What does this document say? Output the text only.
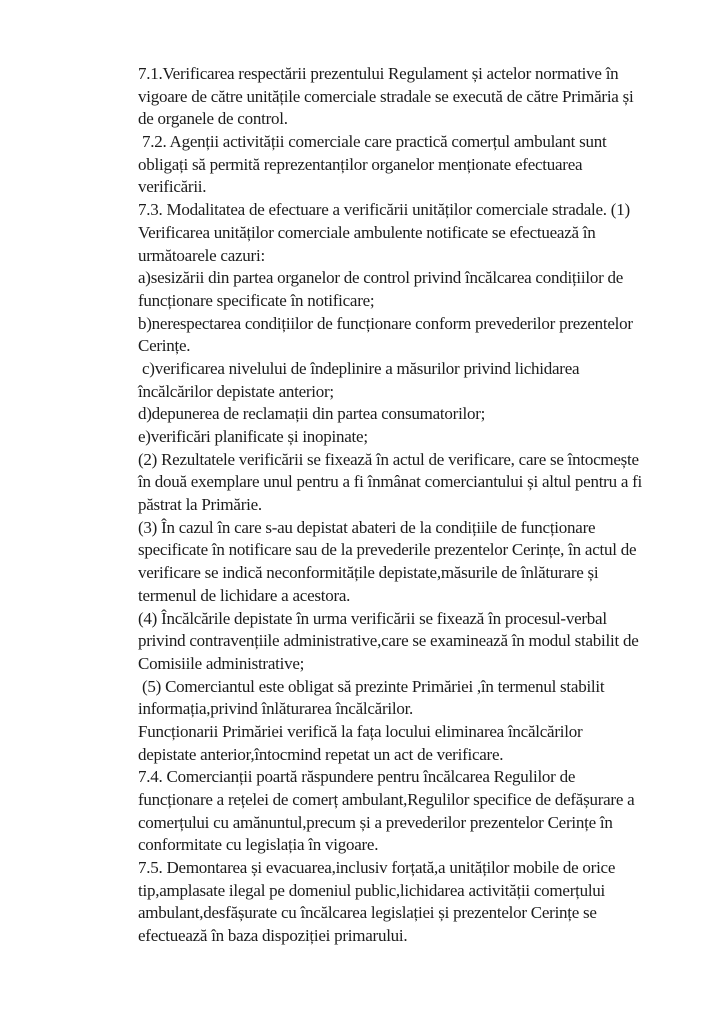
7.1.Verificarea respectării prezentului Regulament și actelor normative în
vigoare de către unitățile comerciale stradale se execută de către Primăria și
de organele de control.
7.2. Agenții activității comerciale care practică comerțul ambulant sunt
obligați să permită reprezentanților organelor menționate efectuarea
verificării.
7.3. Modalitatea de efectuare a verificării unităților comerciale stradale. (1)
Verificarea unităților comerciale ambulente notificate se efectuează în
următoarele cazuri:
a)sesizării din partea organelor de control privind încălcarea condițiilor de
funcționare specificate în notificare;
b)nerespectarea condițiilor de funcționare conform prevederilor prezentelor
Cerințe.
c)verificarea nivelului de îndeplinire a măsurilor privind lichidarea
încălcărilor depistate anterior;
d)depunerea de reclamații din partea consumatorilor;
e)verificări planificate și inopinate;
(2) Rezultatele verificării se fixează în actul de verificare, care se întocmește
în două exemplare unul pentru a fi înmânat comerciantului și altul pentru a fi
păstrat la Primărie.
(3) În cazul în care s-au depistat abateri de la condițiile de funcționare
specificate în notificare sau de la prevederile prezentelor Cerințe, în actul de
verificare se indică neconformitățile depistate,măsurile de înlăturare și
termenul de lichidare a acestora.
(4) Încălcările depistate în urma verificării se fixează în procesul-verbal
privind contravențiile administrative,care se examinează în modul stabilit de
Comisiile administrative;
(5) Comerciantul este obligat să prezinte Primăriei ,în termenul stabilit
informația,privind înlăturarea încălcărilor.
Funcționarii Primăriei verifică la fața locului eliminarea încălcărilor
depistate anterior,întocmind repetat un act de verificare.
7.4. Comercianții poartă răspundere pentru încălcarea Regulilor de
funcționare a rețelei de comerț ambulant,Regulilor specifice de defășurare a
comerțului cu amănuntul,precum și a prevederilor prezentelor Cerințe în
conformitate cu legislația în vigoare.
7.5. Demontarea și evacuarea,inclusiv forțată,a unităților mobile de orice
tip,amplasate ilegal pe domeniul public,lichidarea activității comerțului
ambulant,desfășurate cu încălcarea legislației și prezentelor Cerințe se
efectuează în baza dispoziției primarului.
